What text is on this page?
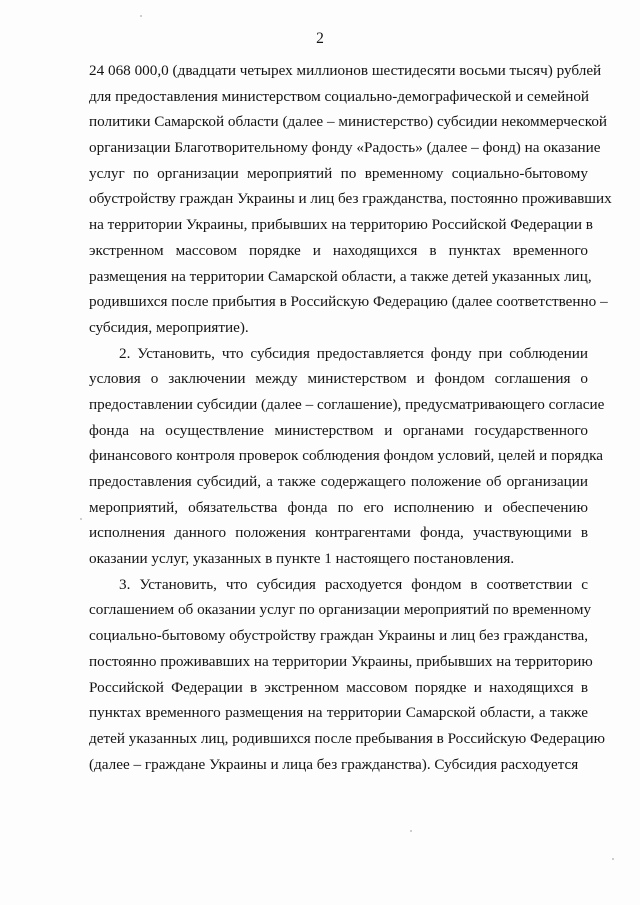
2
24 068 000,0 (двадцати четырех миллионов шестидесяти восьми тысяч) рублей
для предоставления министерством социально-демографической и семейной
политики Самарской области (далее – министерство) субсидии некоммерческой
организации Благотворительному фонду «Радость» (далее – фонд) на оказание
услуг по организации мероприятий по временному социально-бытовому
обустройству граждан Украины и лиц без гражданства, постоянно проживавших
на территории Украины, прибывших на территорию Российской Федерации в
экстренном массовом порядке и находящихся в пунктах временного
размещения на территории Самарской области, а также детей указанных лиц,
родившихся после прибытия в Российскую Федерацию (далее соответственно –
субсидия, мероприятие).
2. Установить, что субсидия предоставляется фонду при соблюдении
условия о заключении между министерством и фондом соглашения о
предоставлении субсидии (далее – соглашение), предусматривающего согласие
фонда на осуществление министерством и органами государственного
финансового контроля проверок соблюдения фондом условий, целей и порядка
предоставления субсидий, а также содержащего положение об организации
мероприятий, обязательства фонда по его исполнению и обеспечению
исполнения данного положения контрагентами фонда, участвующими в
оказании услуг, указанных в пункте 1 настоящего постановления.
3. Установить, что субсидия расходуется фондом в соответствии с
соглашением об оказании услуг по организации мероприятий по временному
социально-бытовому обустройству граждан Украины и лиц без гражданства,
постоянно проживавших на территории Украины, прибывших на территорию
Российской Федерации в экстренном массовом порядке и находящихся в
пунктах временного размещения на территории Самарской области, а также
детей указанных лиц, родившихся после пребывания в Российскую Федерацию
(далее – граждане Украины и лица без гражданства). Субсидия расходуется
